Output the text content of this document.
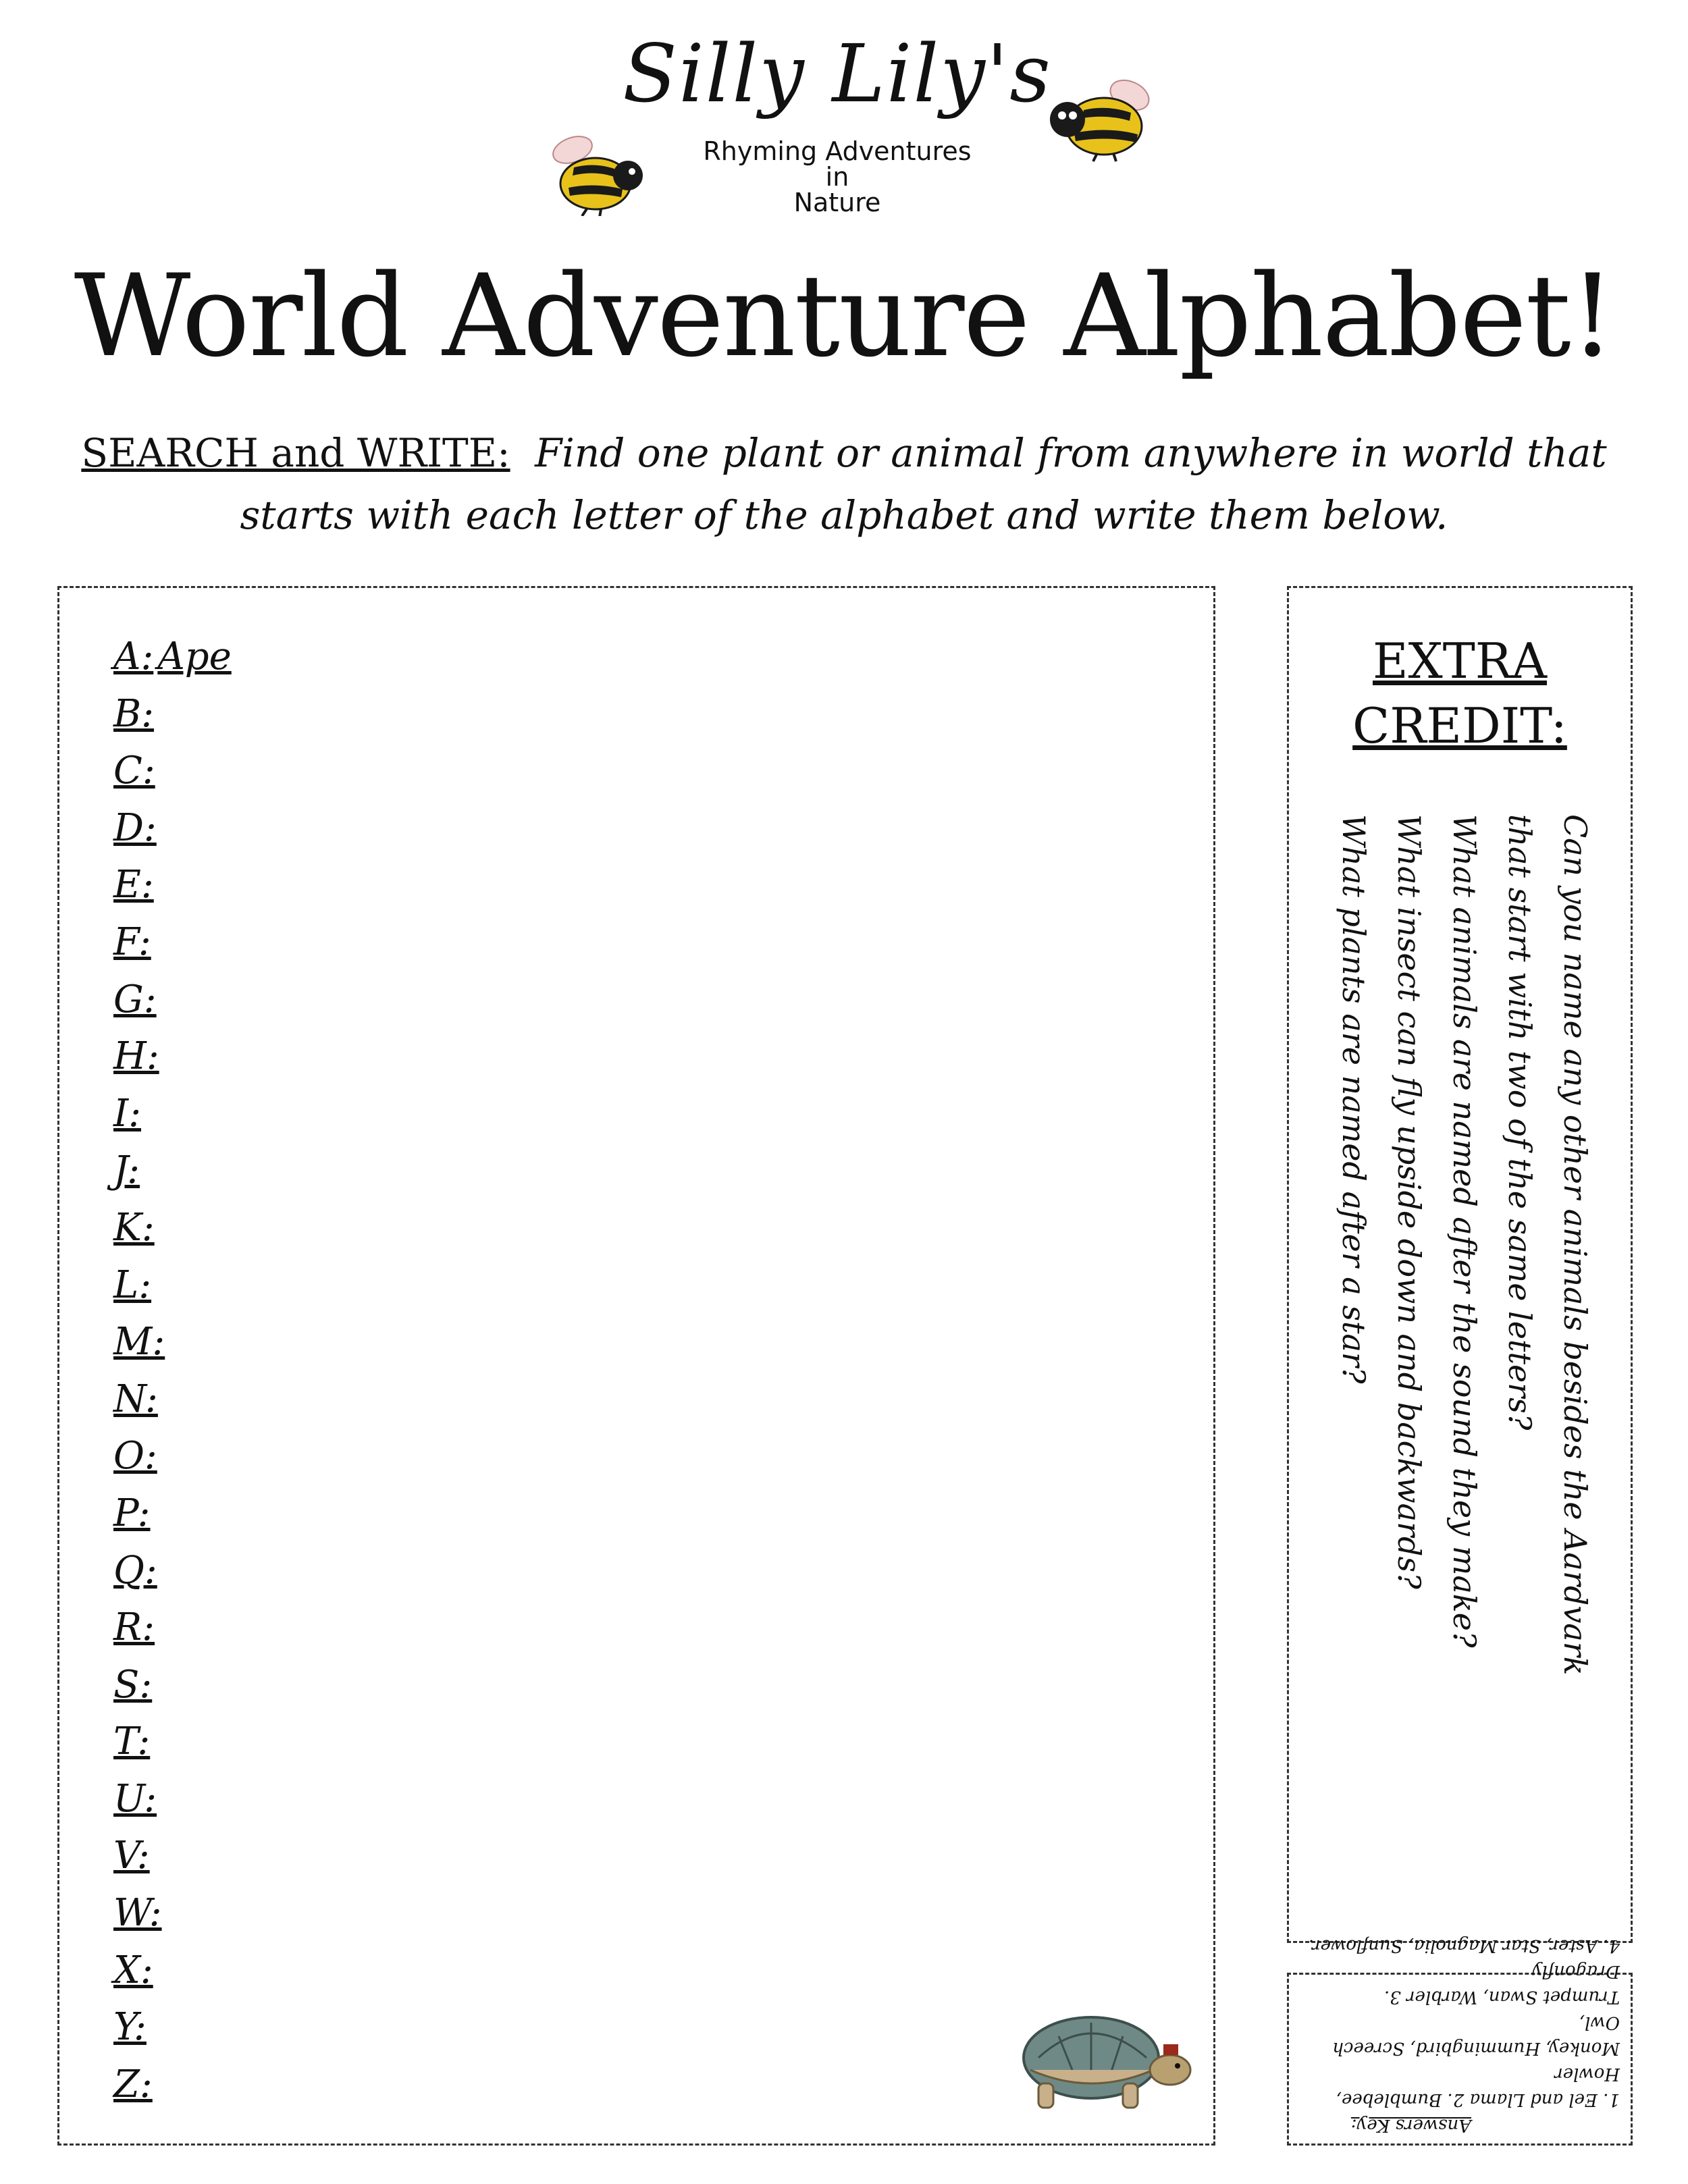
Silly Lily's
Rhyming Adventures
in
Nature
World Adventure Alphabet!
SEARCH and WRITE: Find one plant or animal from anywhere in world that starts with each letter of the alphabet and write them below.
A: Ape
B:
C:
D:
E:
F:
G:
H:
I:
J:
K:
L:
M:
N:
O:
P:
Q:
R:
S:
T:
U:
V:
W:
X:
Y:
Z:
EXTRA
CREDIT:
Can you name any other animals besides the Aardvark
that start with two of the same letters?
What animals are named after the sound they make?
What insect can fly upside down and backwards?
What plants are named after a star?
Answers Key:
1. Eel and Llama 2. Bumblebee, Howler
Monkey, Hummingbird, Screech Owl,
Trumpet Swan, Warbler 3. Dragonfly
4. Aster, Star Magnolia, Sunflower.
